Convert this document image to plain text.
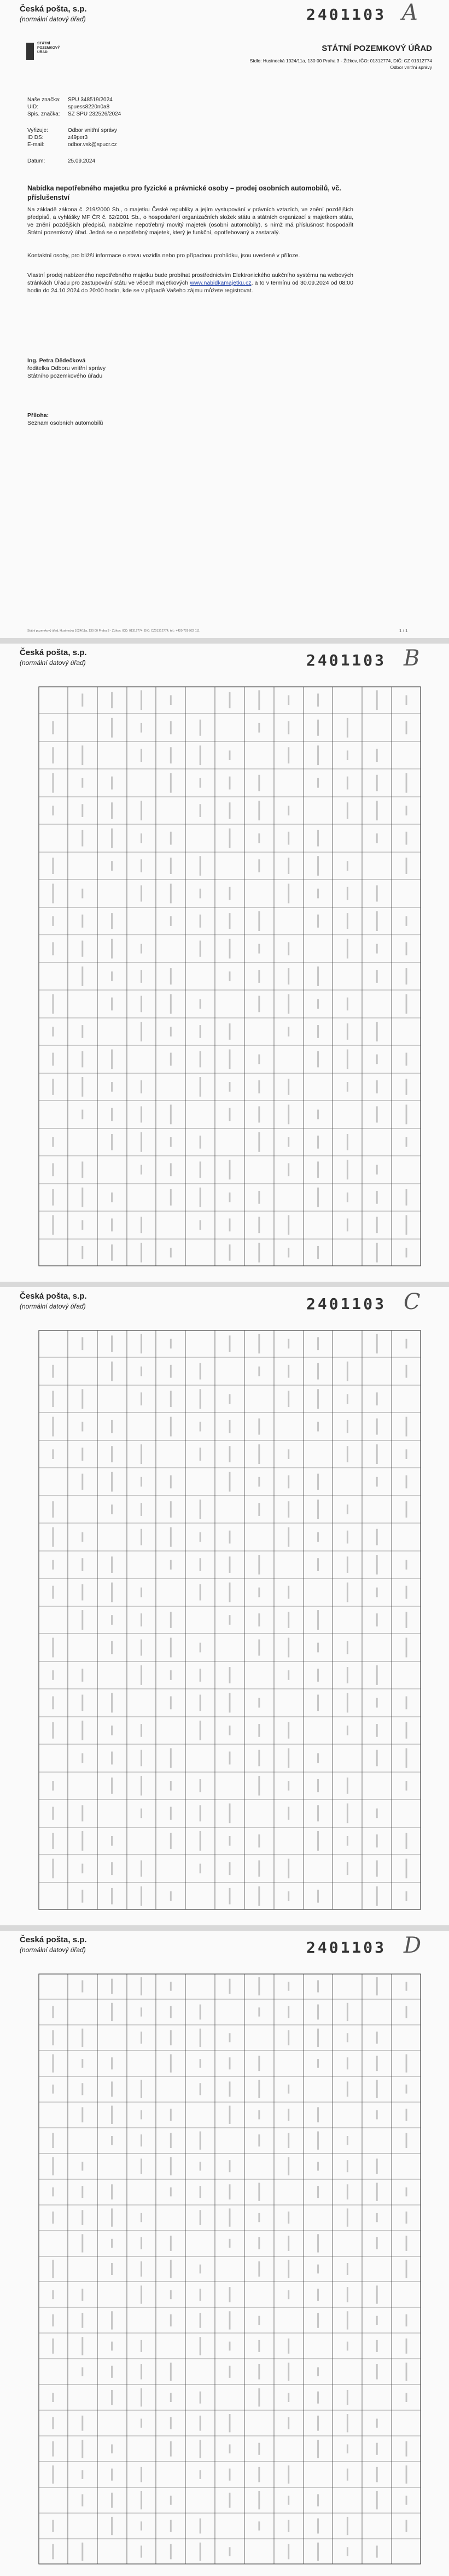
Česká pošta, s.p.
(normální datový úřad)	2401103 A
STÁTNÍ
POZEMKOVÝ
ÚŘAD	STÁTNÍ POZEMKOVÝ ÚŘAD
Sídlo: Husinecká 1024/11a, 130 00 Praha 3 - Žižkov, IČO: 01312774, DIČ: CZ 01312774
Odbor vnitřní správy
Naše značka:	SPU 348519/2024
UID:	spuess8220n0a8
Spis. značka:	SZ SPU 232526/2024
Vyřizuje:	Odbor vnitřní správy
ID DS:	z49per3
E-mail:	odbor.vsk@spucr.cz
Datum:	25.09.2024
Nabídka nepotřebného majetku pro fyzické a právnické osoby – prodej osobních automobilů, vč. příslušenství
Na základě zákona č. 219/2000 Sb., o majetku České republiky a jejím vystupování v právních vztazích, ve znění pozdějších předpisů, a vyhlášky MF ČR č. 62/2001 Sb., o hospodaření organizačních složek státu a státních organizací s majetkem státu, ve znění pozdějších předpisů, nabízíme nepotřebný movitý majetek (osobní automobily), s nímž má příslušnost hospodařit Státní pozemkový úřad. Jedná se o nepotřebný majetek, který je funkční, opotřebovaný a zastaralý.
Kontaktní osoby, pro bližší informace o stavu vozidla nebo pro případnou prohlídku, jsou uvedené v příloze.
Vlastní prodej nabízeného nepotřebného majetku bude probíhat prostřednictvím Elektronického aukčního systému na webových stránkách Úřadu pro zastupování státu ve věcech majetkových www.nabidkamajetku.cz, a to v termínu od 30.09.2024 od 08:00 hodin do 24.10.2024 do 20:00 hodin, kde se v případě Vašeho zájmu můžete registrovat.
Ing. Petra Dědečková
ředitelka Odboru vnitřní správy
Státního pozemkového úřadu
Příloha:
Seznam osobních automobilů
Státní pozemkový úřad, Husinecká 1024/11a, 130 00 Praha 3 - Žižkov, IČO: 01312774, DIČ: CZ01312774, tel.: +420 729 922 111	1 / 1
Česká pošta, s.p.
(normální datový úřad)	2401103 B
Česká pošta, s.p.
(normální datový úřad)	2401103 C
Česká pošta, s.p.
(normální datový úřad)	2401103 D
